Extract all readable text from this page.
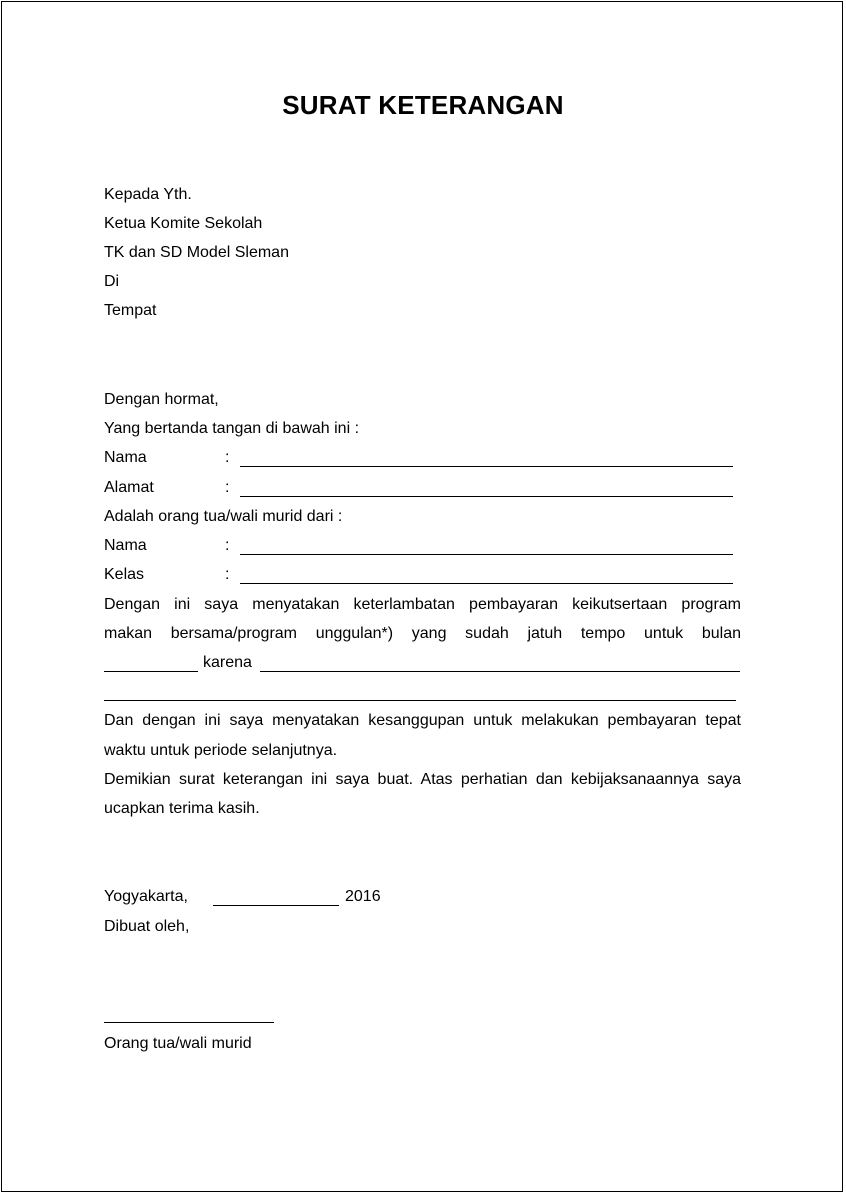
SURAT KETERANGAN
Kepada Yth.
Ketua Komite Sekolah
TK dan SD Model Sleman
Di
Tempat
Dengan hormat,
Yang bertanda tangan di bawah ini :
Nama	:
Alamat	:
Adalah orang tua/wali murid dari :
Nama	:
Kelas	:
Dengan ini saya menyatakan keterlambatan pembayaran keikutsertaan program
makan bersama/program unggulan*) yang sudah jatuh tempo untuk bulan
karena
Dan dengan ini saya menyatakan kesanggupan untuk melakukan pembayaran tepat
waktu untuk periode selanjutnya.
Demikian surat keterangan ini saya buat. Atas perhatian dan kebijaksanaannya saya
ucapkan terima kasih.
Yogyakarta,	2016
Dibuat oleh,
Orang tua/wali murid
